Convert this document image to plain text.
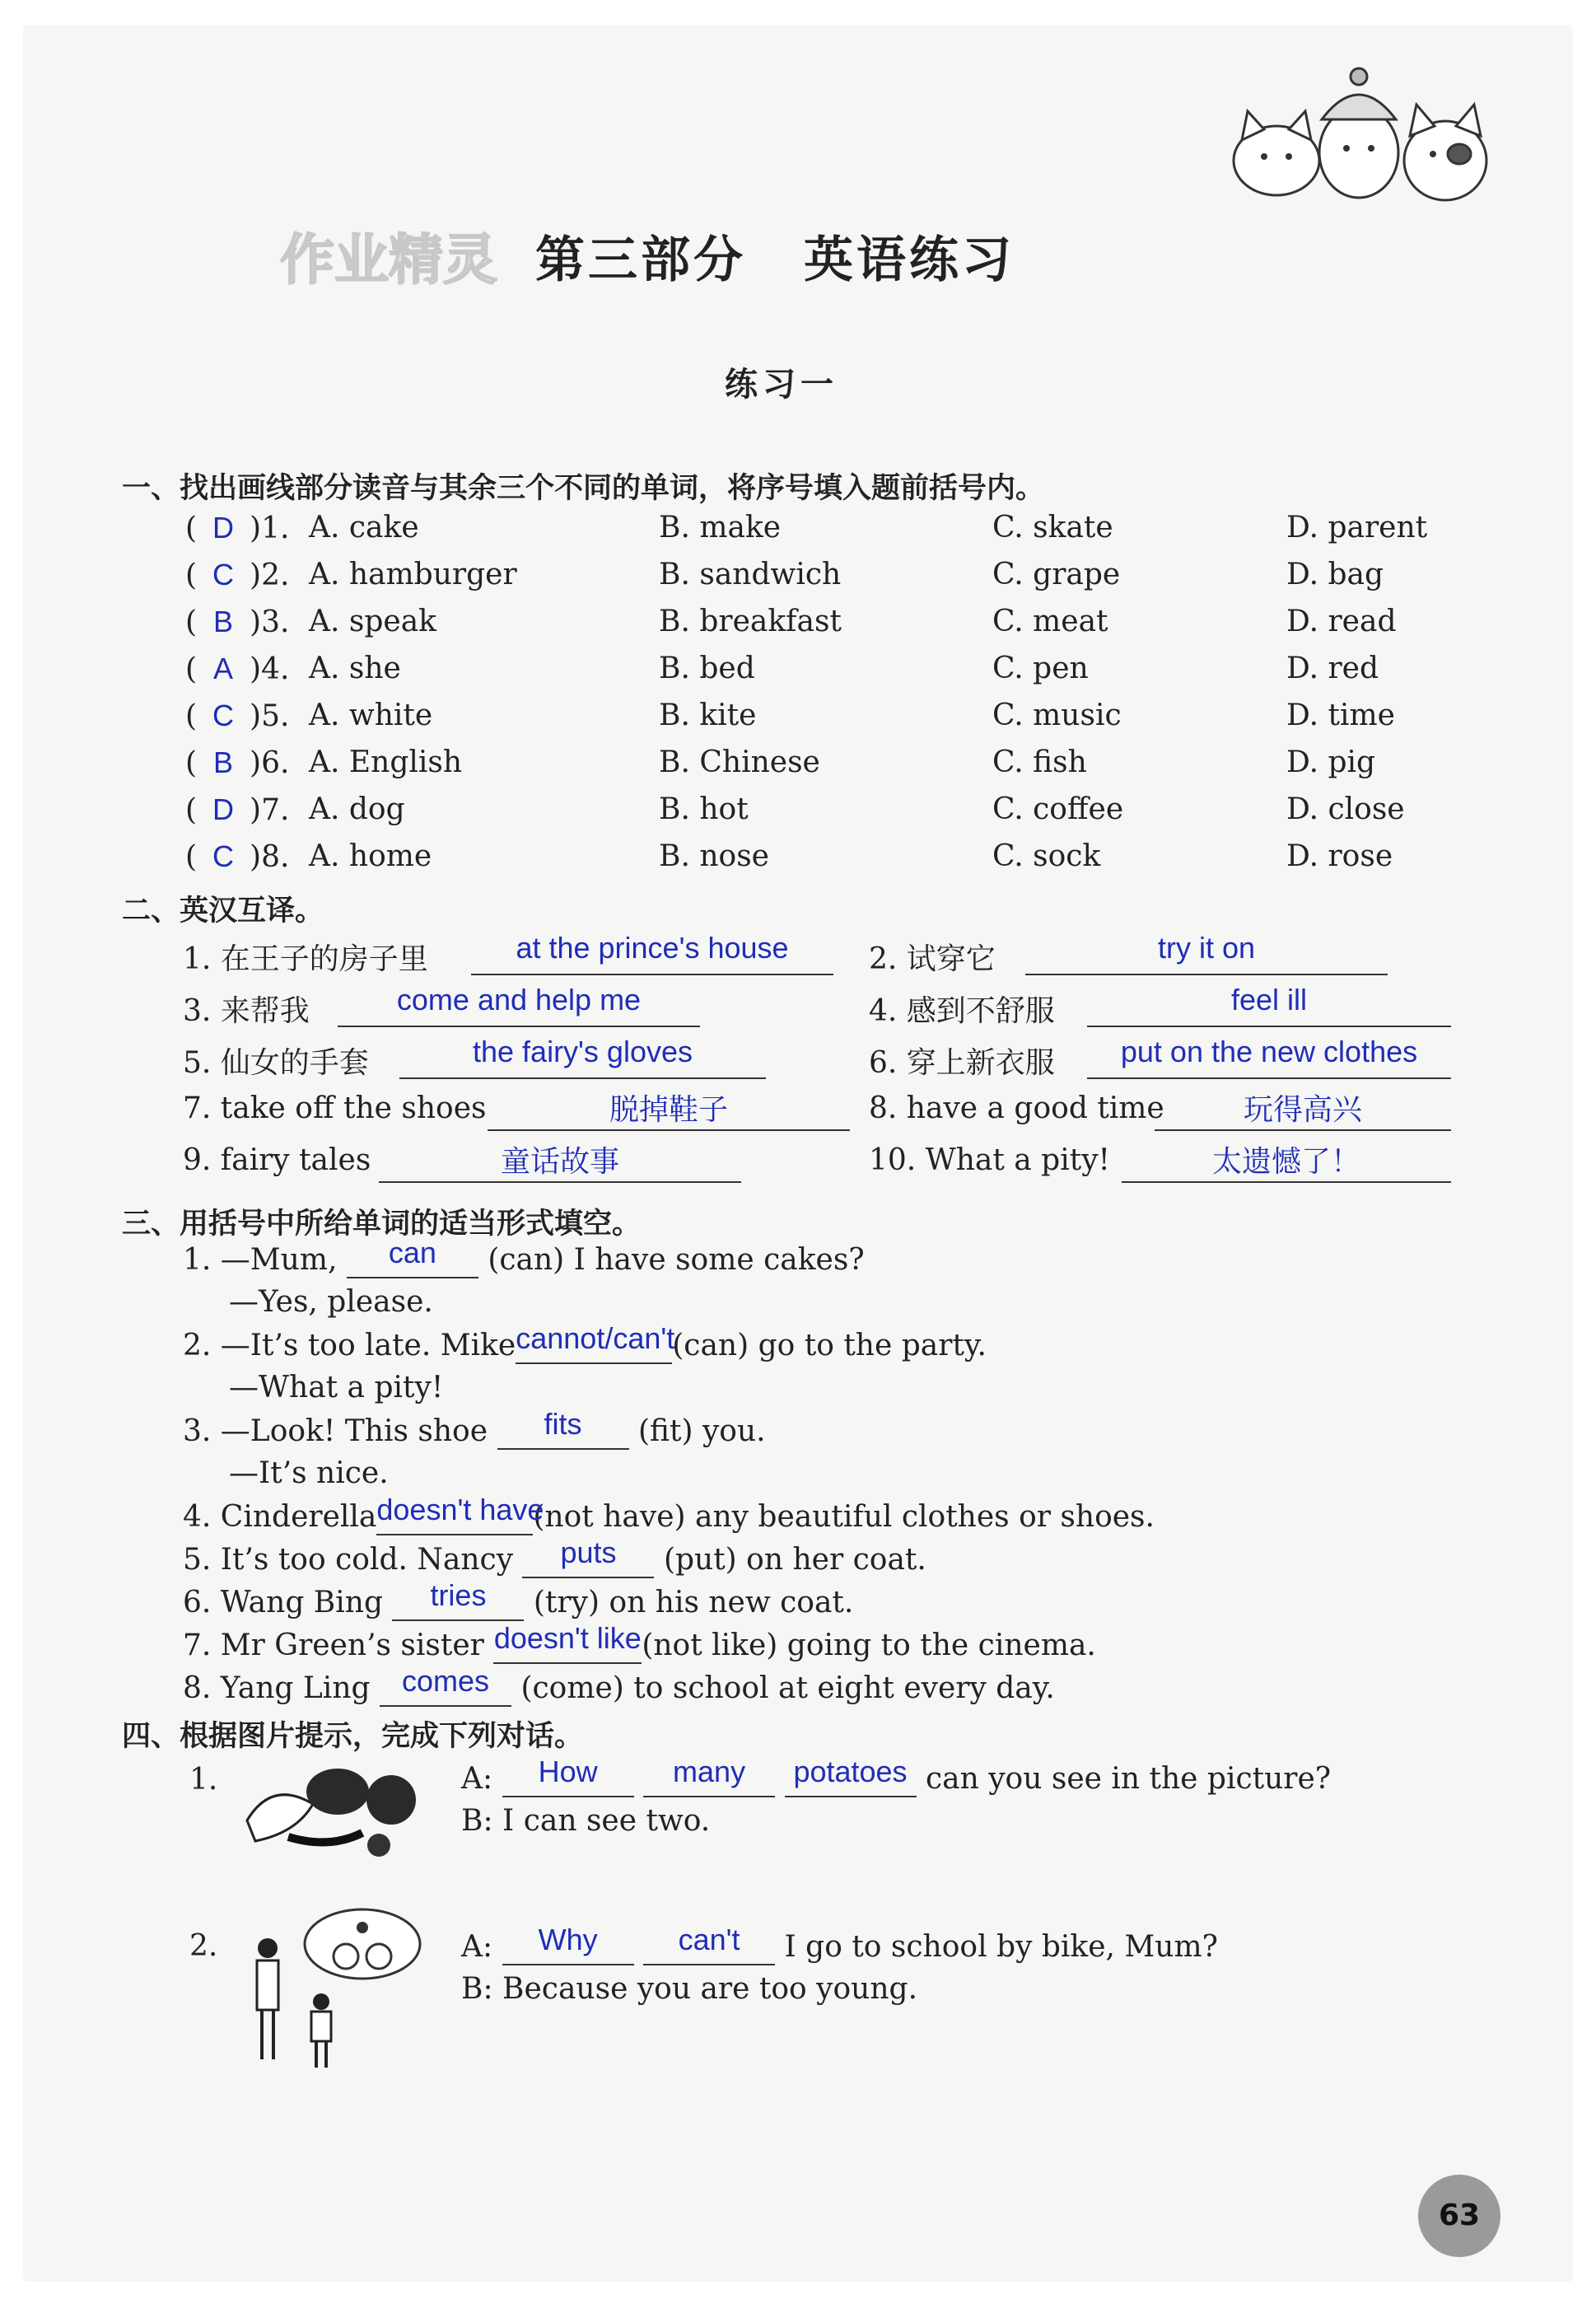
作业精灵 第三部分 英语练习
练习一
一、找出画线部分读音与其余三个不同的单词，将序号填入题前括号内。
( D )1. A. cake	B. make	C. skate	D. parent
( C )2. A. hamburger	B. sandwich	C. grape	D. bag
( B )3. A. speak	B. breakfast	C. meat	D. read
( A )4. A. she	B. bed	C. pen	D. red
( C )5. A. white	B. kite	C. music	D. time
( B )6. A. English	B. Chinese	C. fish	D. pig
( D )7. A. dog	B. hot	C. coffee	D. close
( C )8. A. home	B. nose	C. sock	D. rose
二、英汉互译。
1. 在王子的房子里	at the prince's house	2. 试穿它	try it on
3. 来帮我	come and help me	4. 感到不舒服	feel ill
5. 仙女的手套	the fairy's gloves	6. 穿上新衣服	put on the new clothes
7. take off the shoes	脱掉鞋子	8. have a good time	玩得高兴
9. fairy tales	童话故事	10. What a pity!	太遗憾了！
三、用括号中所给单词的适当形式填空。
1. —Mum, can (can) I have some cakes?
—Yes, please.
2. —It’s too late. Mikecannot/can't(can) go to the party.
—What a pity!
3. —Look! This shoe fits (fit) you.
—It’s nice.
4. Cinderelladoesn't have(not have) any beautiful clothes or shoes.
5. It’s too cold. Nancy puts (put) on her coat.
6. Wang Bing tries (try) on his new coat.
7. Mr Green’s sister doesn't like(not like) going to the cinema.
8. Yang Ling comes (come) to school at eight every day.
四、根据图片提示，完成下列对话。
1.	A: How	many potatoes can you see in the picture?
B: I can see two.
2.	A: Why	can't I go to school by bike, Mum?
B: Because you are too young.
63
